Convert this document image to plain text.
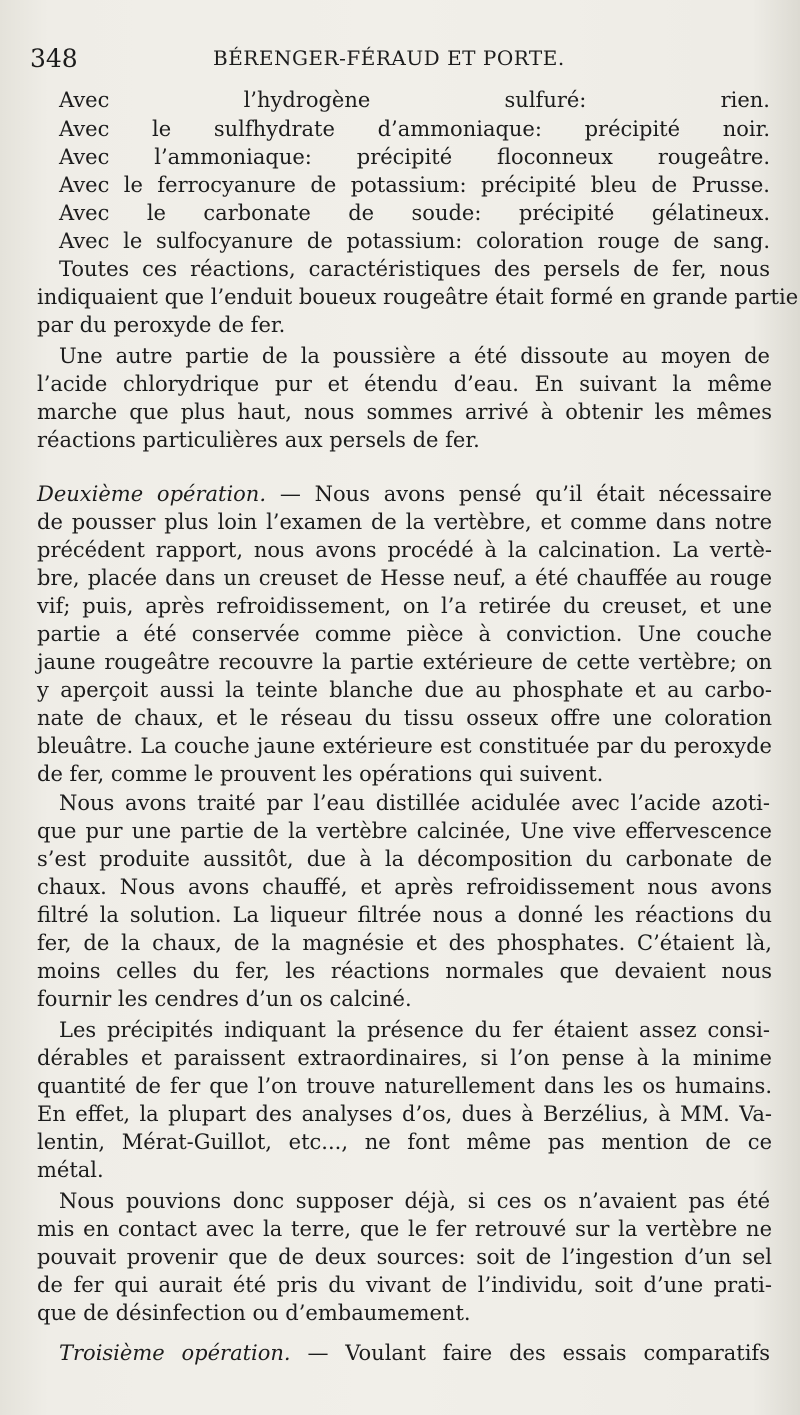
348	BÉRENGER-FÉRAUD ET PORTE.
Avec l’hydrogène sulfuré: rien.
Avec le sulfhydrate d’ammoniaque: précipité noir.
Avec l’ammoniaque: précipité floconneux rougeâtre.
Avec le ferrocyanure de potassium: précipité bleu de Prusse.
Avec le carbonate de soude: précipité gélatineux.
Avec le sulfocyanure de potassium: coloration rouge de sang.
Toutes ces réactions, caractéristiques des persels de fer, nous
indiquaient que l’enduit boueux rougeâtre était formé en grande partie
par du peroxyde de fer.
Une autre partie de la poussière a été dissoute au moyen de
l’acide chlorydrique pur et étendu d’eau. En suivant la même
marche que plus haut, nous sommes arrivé à obtenir les mêmes
réactions particulières aux persels de fer.
Deuxième opération. — Nous avons pensé qu’il était nécessaire
de pousser plus loin l’examen de la vertèbre, et comme dans notre
précédent rapport, nous avons procédé à la calcination. La vertè-
bre, placée dans un creuset de Hesse neuf, a été chauffée au rouge
vif; puis, après refroidissement, on l’a retirée du creuset, et une
partie a été conservée comme pièce à conviction. Une couche
jaune rougeâtre recouvre la partie extérieure de cette vertèbre; on
y aperçoit aussi la teinte blanche due au phosphate et au carbo-
nate de chaux, et le réseau du tissu osseux offre une coloration
bleuâtre. La couche jaune extérieure est constituée par du peroxyde
de fer, comme le prouvent les opérations qui suivent.
Nous avons traité par l’eau distillée acidulée avec l’acide azoti-
que pur une partie de la vertèbre calcinée, Une vive effervescence
s’est produite aussitôt, due à la décomposition du carbonate de
chaux. Nous avons chauffé, et après refroidissement nous avons
filtré la solution. La liqueur filtrée nous a donné les réactions du
fer, de la chaux, de la magnésie et des phosphates. C’étaient là,
moins celles du fer, les réactions normales que devaient nous
fournir les cendres d’un os calciné.
Les précipités indiquant la présence du fer étaient assez consi-
dérables et paraissent extraordinaires, si l’on pense à la minime
quantité de fer que l’on trouve naturellement dans les os humains.
En effet, la plupart des analyses d’os, dues à Berzélius, à MM. Va-
lentin, Mérat-Guillot, etc..., ne font même pas mention de ce
métal.
Nous pouvions donc supposer déjà, si ces os n’avaient pas été
mis en contact avec la terre, que le fer retrouvé sur la vertèbre ne
pouvait provenir que de deux sources: soit de l’ingestion d’un sel
de fer qui aurait été pris du vivant de l’individu, soit d’une prati-
que de désinfection ou d’embaumement.
Troisième opération. — Voulant faire des essais comparatifs
